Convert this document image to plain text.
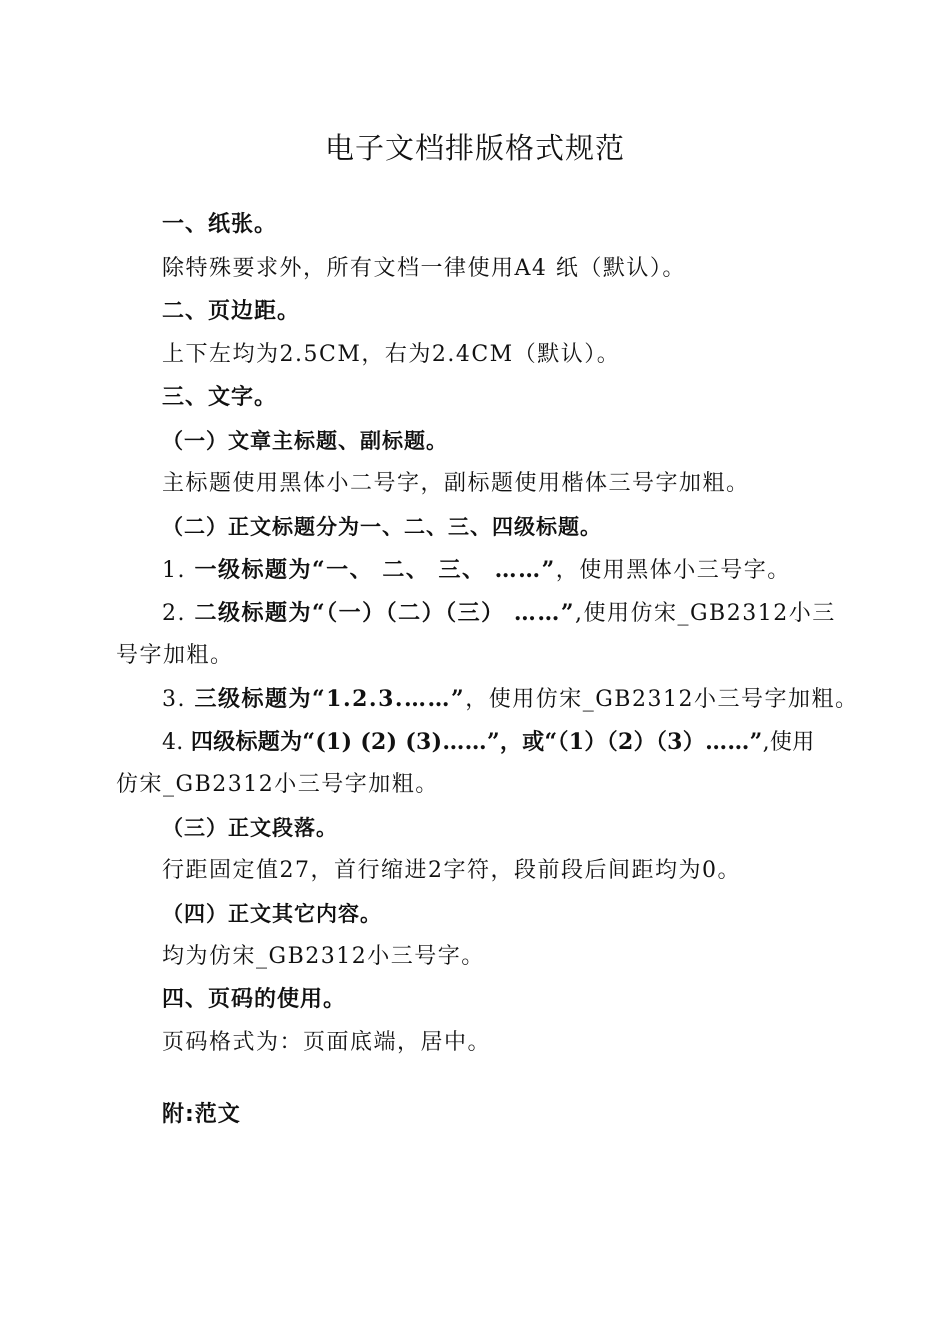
电子文档排版格式规范

一、纸张。

除特殊要求外，所有文档一律使用A4 纸（默认）。

二、页边距。

上下左均为2.5CM，右为2.4CM（默认）。

三、文字。

（一）文章主标题、副标题。

主标题使用黑体小二号字，副标题使用楷体三号字加粗。

（二）正文标题分为一、二、三、四级标题。

1. 一级标题为“一、 二、 三、 ……”，使用黑体小三号字。

2. 二级标题为“（一）（二）（三） ……”,使用仿宋_GB2312小三

号字加粗。

3. 三级标题为“1.2.3.……”，使用仿宋_GB2312小三号字加粗。

4. 四级标题为“(1) (2) (3)……”，或“（1）（2）（3）……”,使用

仿宋_GB2312小三号字加粗。

（三）正文段落。

行距固定值27，首行缩进2字符，段前段后间距均为0。

（四）正文其它内容。

均为仿宋_GB2312小三号字。

四、页码的使用。

页码格式为：页面底端，居中。

附:范文
